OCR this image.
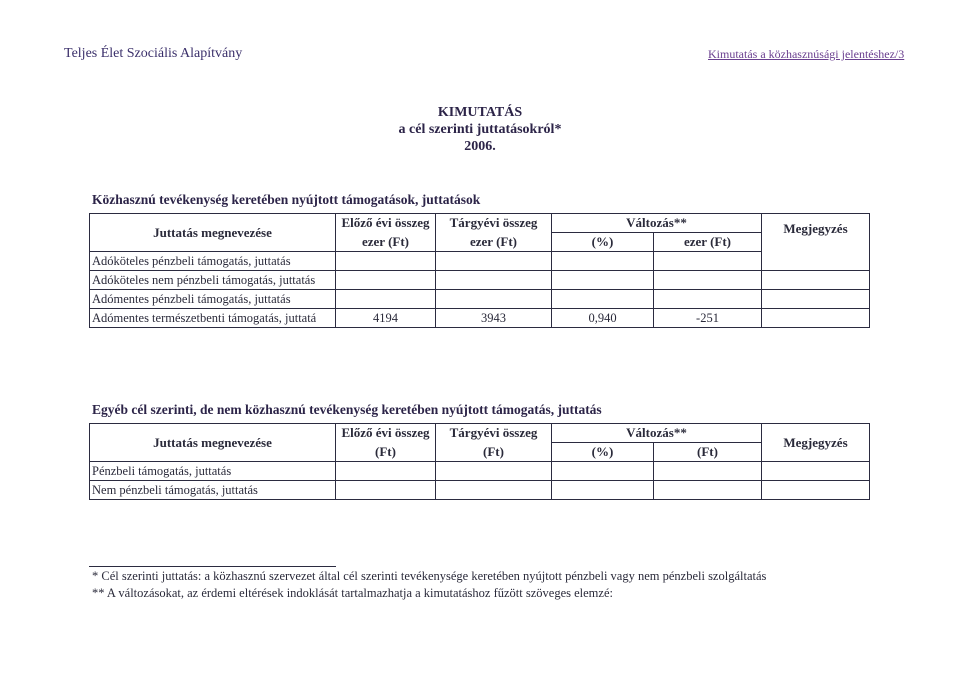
Teljes Élet Szociális Alapítvány	Kimutatás a közhasznúsági jelentéshez/3
KIMUTATÁS
a cél szerinti juttatásokról*
2006.
Közhasznú tevékenység keretében nyújtott támogatások, juttatások
Juttatás megnevezése	Előző évi összeg	Tárgyévi összeg	Változás**		Megjegyzés
	ezer (Ft)	ezer (Ft)	(%)	ezer (Ft)	
Adóköteles pénzbeli támogatás, juttatás					
Adóköteles nem pénzbeli támogatás, juttatás					
Adómentes pénzbeli támogatás, juttatás					
Adómentes természetbenti támogatás, juttatá	4194	3943	0,940	-251	
Egyéb cél szerinti, de nem közhasznú tevékenység keretében nyújtott támogatás, juttatás
Juttatás megnevezése	Előző évi összeg	Tárgyévi összeg	Változás**		Megjegyzés
	(Ft)	(Ft)	(%)	(Ft)	
Pénzbeli támogatás, juttatás					
Nem pénzbeli támogatás, juttatás					
* Cél szerinti juttatás: a közhasznú szervezet által cél szerinti tevékenysége keretében nyújtott pénzbeli vagy nem pénzbeli szolgáltatás
** A változásokat, az érdemi eltérések indoklását tartalmazhatja a kimutatáshoz fűzött szöveges elemzé:
